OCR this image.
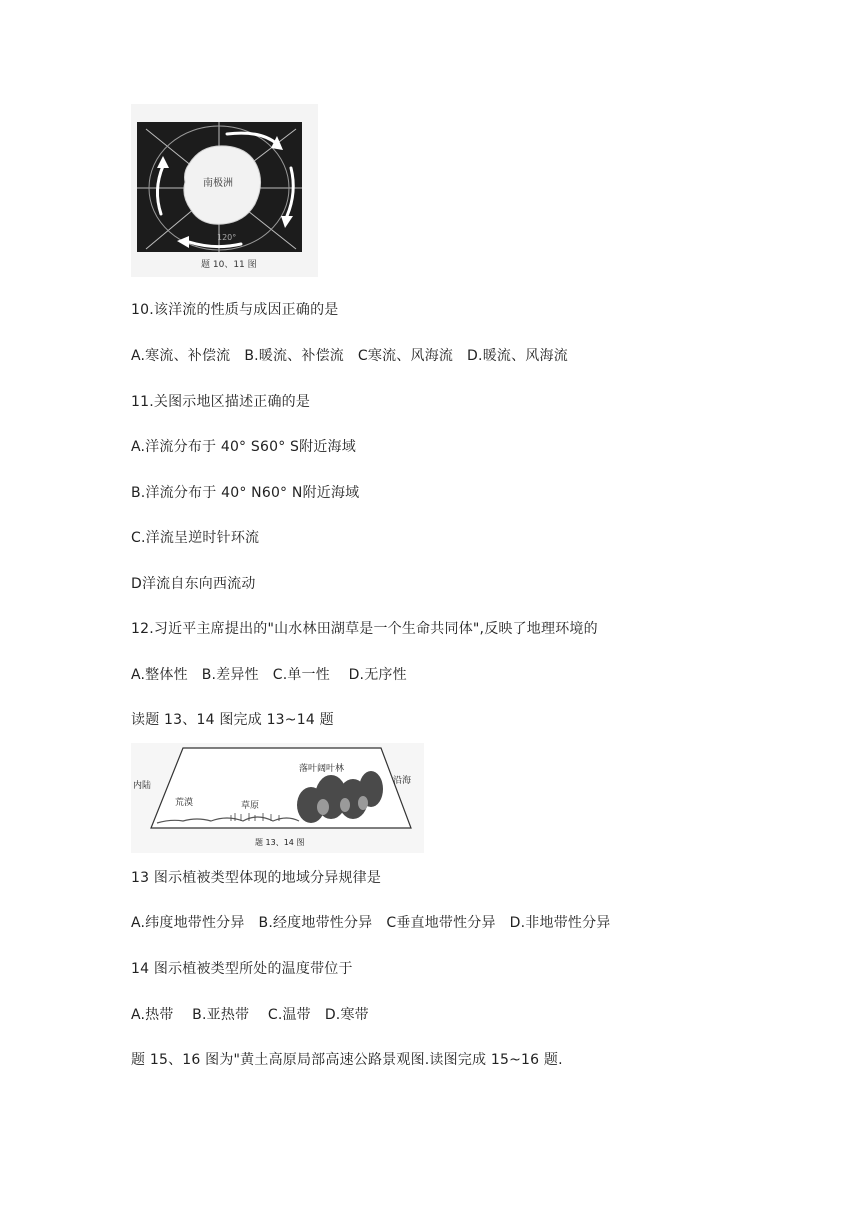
南极洲
120°
题 10、11 图
10.该洋流的性质与成因正确的是
A.寒流、补偿流   B.暖流、补偿流   C寒流、风海流   D.暖流、风海流
11.关图示地区描述正确的是
A.洋流分布于 40° S60° S附近海域
B.洋流分布于 40° N60° N附近海域
C.洋流呈逆时针环流
D洋流自东向西流动
12.习近平主席提出的"山水林田湖草是一个生命共同体",反映了地理环境的
A.整体性   B.差异性   C.单一性    D.无序性
读题 13、14 图完成 13~14 题
内陆
荒漠	草原
落叶阔叶林
沿海
题 13、14 图
13 图示植被类型体现的地域分异规律是
A.纬度地带性分异   B.经度地带性分异   C垂直地带性分异   D.非地带性分异
14 图示植被类型所处的温度带位于
A.热带    B.亚热带    C.温带   D.寒带
题 15、16 图为"黄土高原局部高速公路景观图.读图完成 15~16 题.
